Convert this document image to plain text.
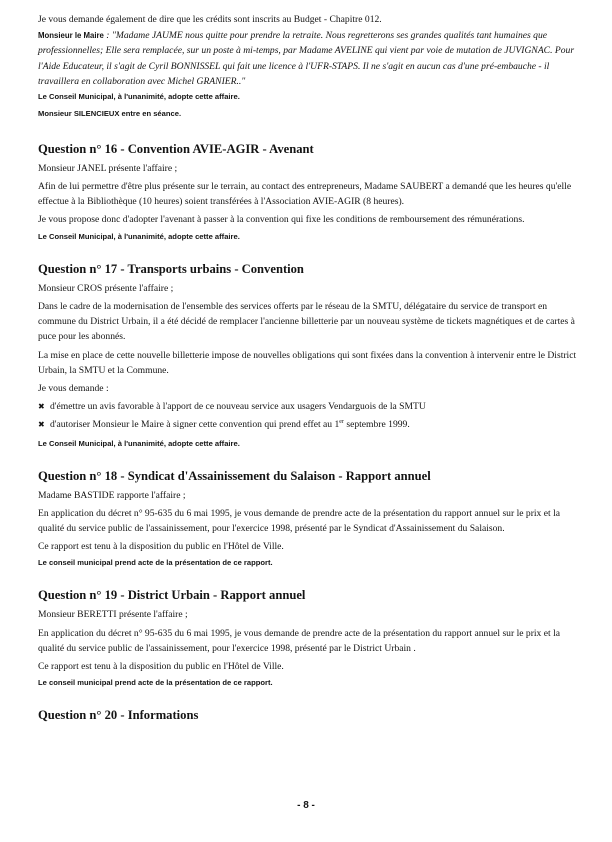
Je vous demande également de dire que les crédits sont inscrits au Budget - Chapitre 012.

Monsieur le Maire : "Madame JAUME nous quitte pour prendre la retraite. Nous regretterons ses grandes qualités tant humaines que professionnelles; Elle sera remplacée, sur un poste à mi-temps, par Madame AVELINE qui vient par voie de mutation de JUVIGNAC. Pour l'Aide Educateur, il s'agit de Cyril BONNISSEL qui fait une licence à l'UFR-STAPS. Il ne s'agit en aucun cas d'une pré-embauche - il travaillera en collaboration avec Michel GRANIER.."

Le Conseil Municipal, à l'unanimité, adopte cette affaire.

Monsieur SILENCIEUX entre en séance.

Question n° 16 - Convention AVIE-AGIR - Avenant

Monsieur JANEL présente l'affaire ;

Afin de lui permettre d'être plus présente sur le terrain, au contact des entrepreneurs, Madame SAUBERT a demandé que les heures qu'elle effectue à la Bibliothèque (10 heures) soient transférées à l'Association AVIE-AGIR (8 heures).

Je vous propose donc d'adopter l'avenant à passer à la convention qui fixe les conditions de remboursement des rémunérations.

Le Conseil Municipal, à l'unanimité, adopte cette affaire.

Question n° 17 - Transports urbains - Convention

Monsieur CROS présente l'affaire ;

Dans le cadre de la modernisation de l'ensemble des services offerts par le réseau de la SMTU, délégataire du service de transport en commune du District Urbain, il a été décidé de remplacer l'ancienne billetterie par un nouveau système de tickets magnétiques et de cartes à puce pour les abonnés.

La mise en place de cette nouvelle billetterie impose de nouvelles obligations qui sont fixées dans la convention à intervenir entre le District Urbain, la SMTU et la Commune.

Je vous demande :

✖ d'émettre un avis favorable à l'apport de ce nouveau service aux usagers Vendarguois de la SMTU
✖ d'autoriser Monsieur le Maire à signer cette convention qui prend effet au 1er septembre 1999.

Le Conseil Municipal, à l'unanimité, adopte cette affaire.

Question n° 18 - Syndicat d'Assainissement du Salaison - Rapport annuel

Madame BASTIDE rapporte l'affaire ;

En application du décret n° 95-635 du 6 mai 1995, je vous demande de prendre acte de la présentation du rapport annuel sur le prix et la qualité du service public de l'assainissement, pour l'exercice 1998, présenté par le Syndicat d'Assainissement du Salaison.

Ce rapport est tenu à la disposition du public en l'Hôtel de Ville.

Le conseil municipal prend acte de la présentation de ce rapport.

Question n° 19 - District Urbain - Rapport annuel

Monsieur BERETTI présente l'affaire ;

En application du décret n° 95-635 du 6 mai 1995, je vous demande de prendre acte de la présentation du rapport annuel sur le prix et la qualité du service public de l'assainissement, pour l'exercice 1998, présenté par le District Urbain .

Ce rapport est tenu à la disposition du public en l'Hôtel de Ville.

Le conseil municipal prend acte de la présentation de ce rapport.

Question n° 20 - Informations

- 8 -
